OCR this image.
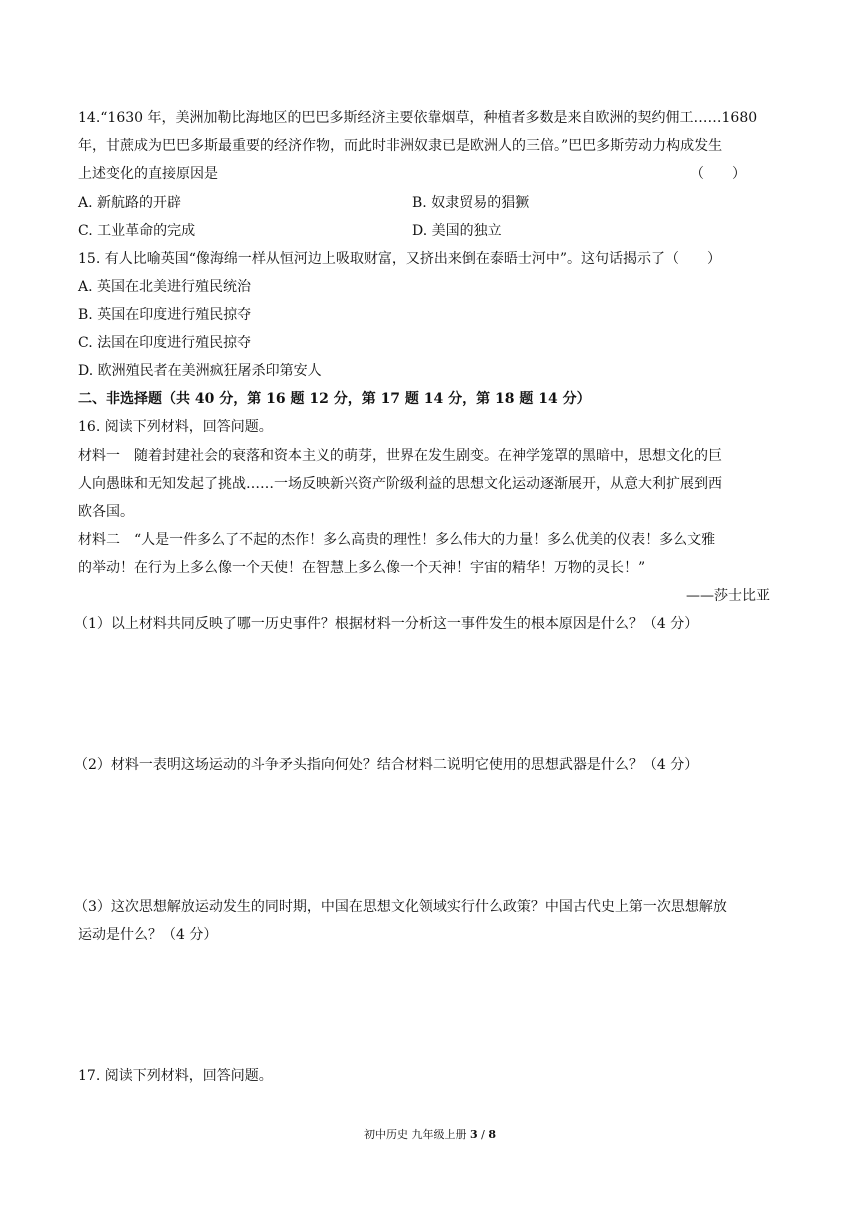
14.“1630 年，美洲加勒比海地区的巴巴多斯经济主要依靠烟草，种植者多数是来自欧洲的契约佣工……1680
年，甘蔗成为巴巴多斯最重要的经济作物，而此时非洲奴隶已是欧洲人的三倍。”巴巴多斯劳动力构成发生
上述变化的直接原因是	（　　）
A. 新航路的开辟	B. 奴隶贸易的猖獗
C. 工业革命的完成	D. 美国的独立
15. 有人比喻英国“像海绵一样从恒河边上吸取财富，又挤出来倒在泰晤士河中”。这句话揭示了（　　）
A. 英国在北美进行殖民统治
B. 英国在印度进行殖民掠夺
C. 法国在印度进行殖民掠夺
D. 欧洲殖民者在美洲疯狂屠杀印第安人
二、非选择题（共 40 分，第 16 题 12 分，第 17 题 14 分，第 18 题 14 分）
16. 阅读下列材料，回答问题。
材料一　随着封建社会的衰落和资本主义的萌芽，世界在发生剧变。在神学笼罩的黑暗中，思想文化的巨
人向愚昧和无知发起了挑战……一场反映新兴资产阶级利益的思想文化运动逐渐展开，从意大利扩展到西
欧各国。
材料二　“人是一件多么了不起的杰作！多么高贵的理性！多么伟大的力量！多么优美的仪表！多么文雅
的举动！在行为上多么像一个天使！在智慧上多么像一个天神！宇宙的精华！万物的灵长！”
——莎士比亚
（1）以上材料共同反映了哪一历史事件？根据材料一分析这一事件发生的根本原因是什么？（4 分）
（2）材料一表明这场运动的斗争矛头指向何处？结合材料二说明它使用的思想武器是什么？（4 分）
（3）这次思想解放运动发生的同时期，中国在思想文化领域实行什么政策？中国古代史上第一次思想解放
运动是什么？（4 分）
17. 阅读下列材料，回答问题。
初中历史 九年级上册 3 / 8
